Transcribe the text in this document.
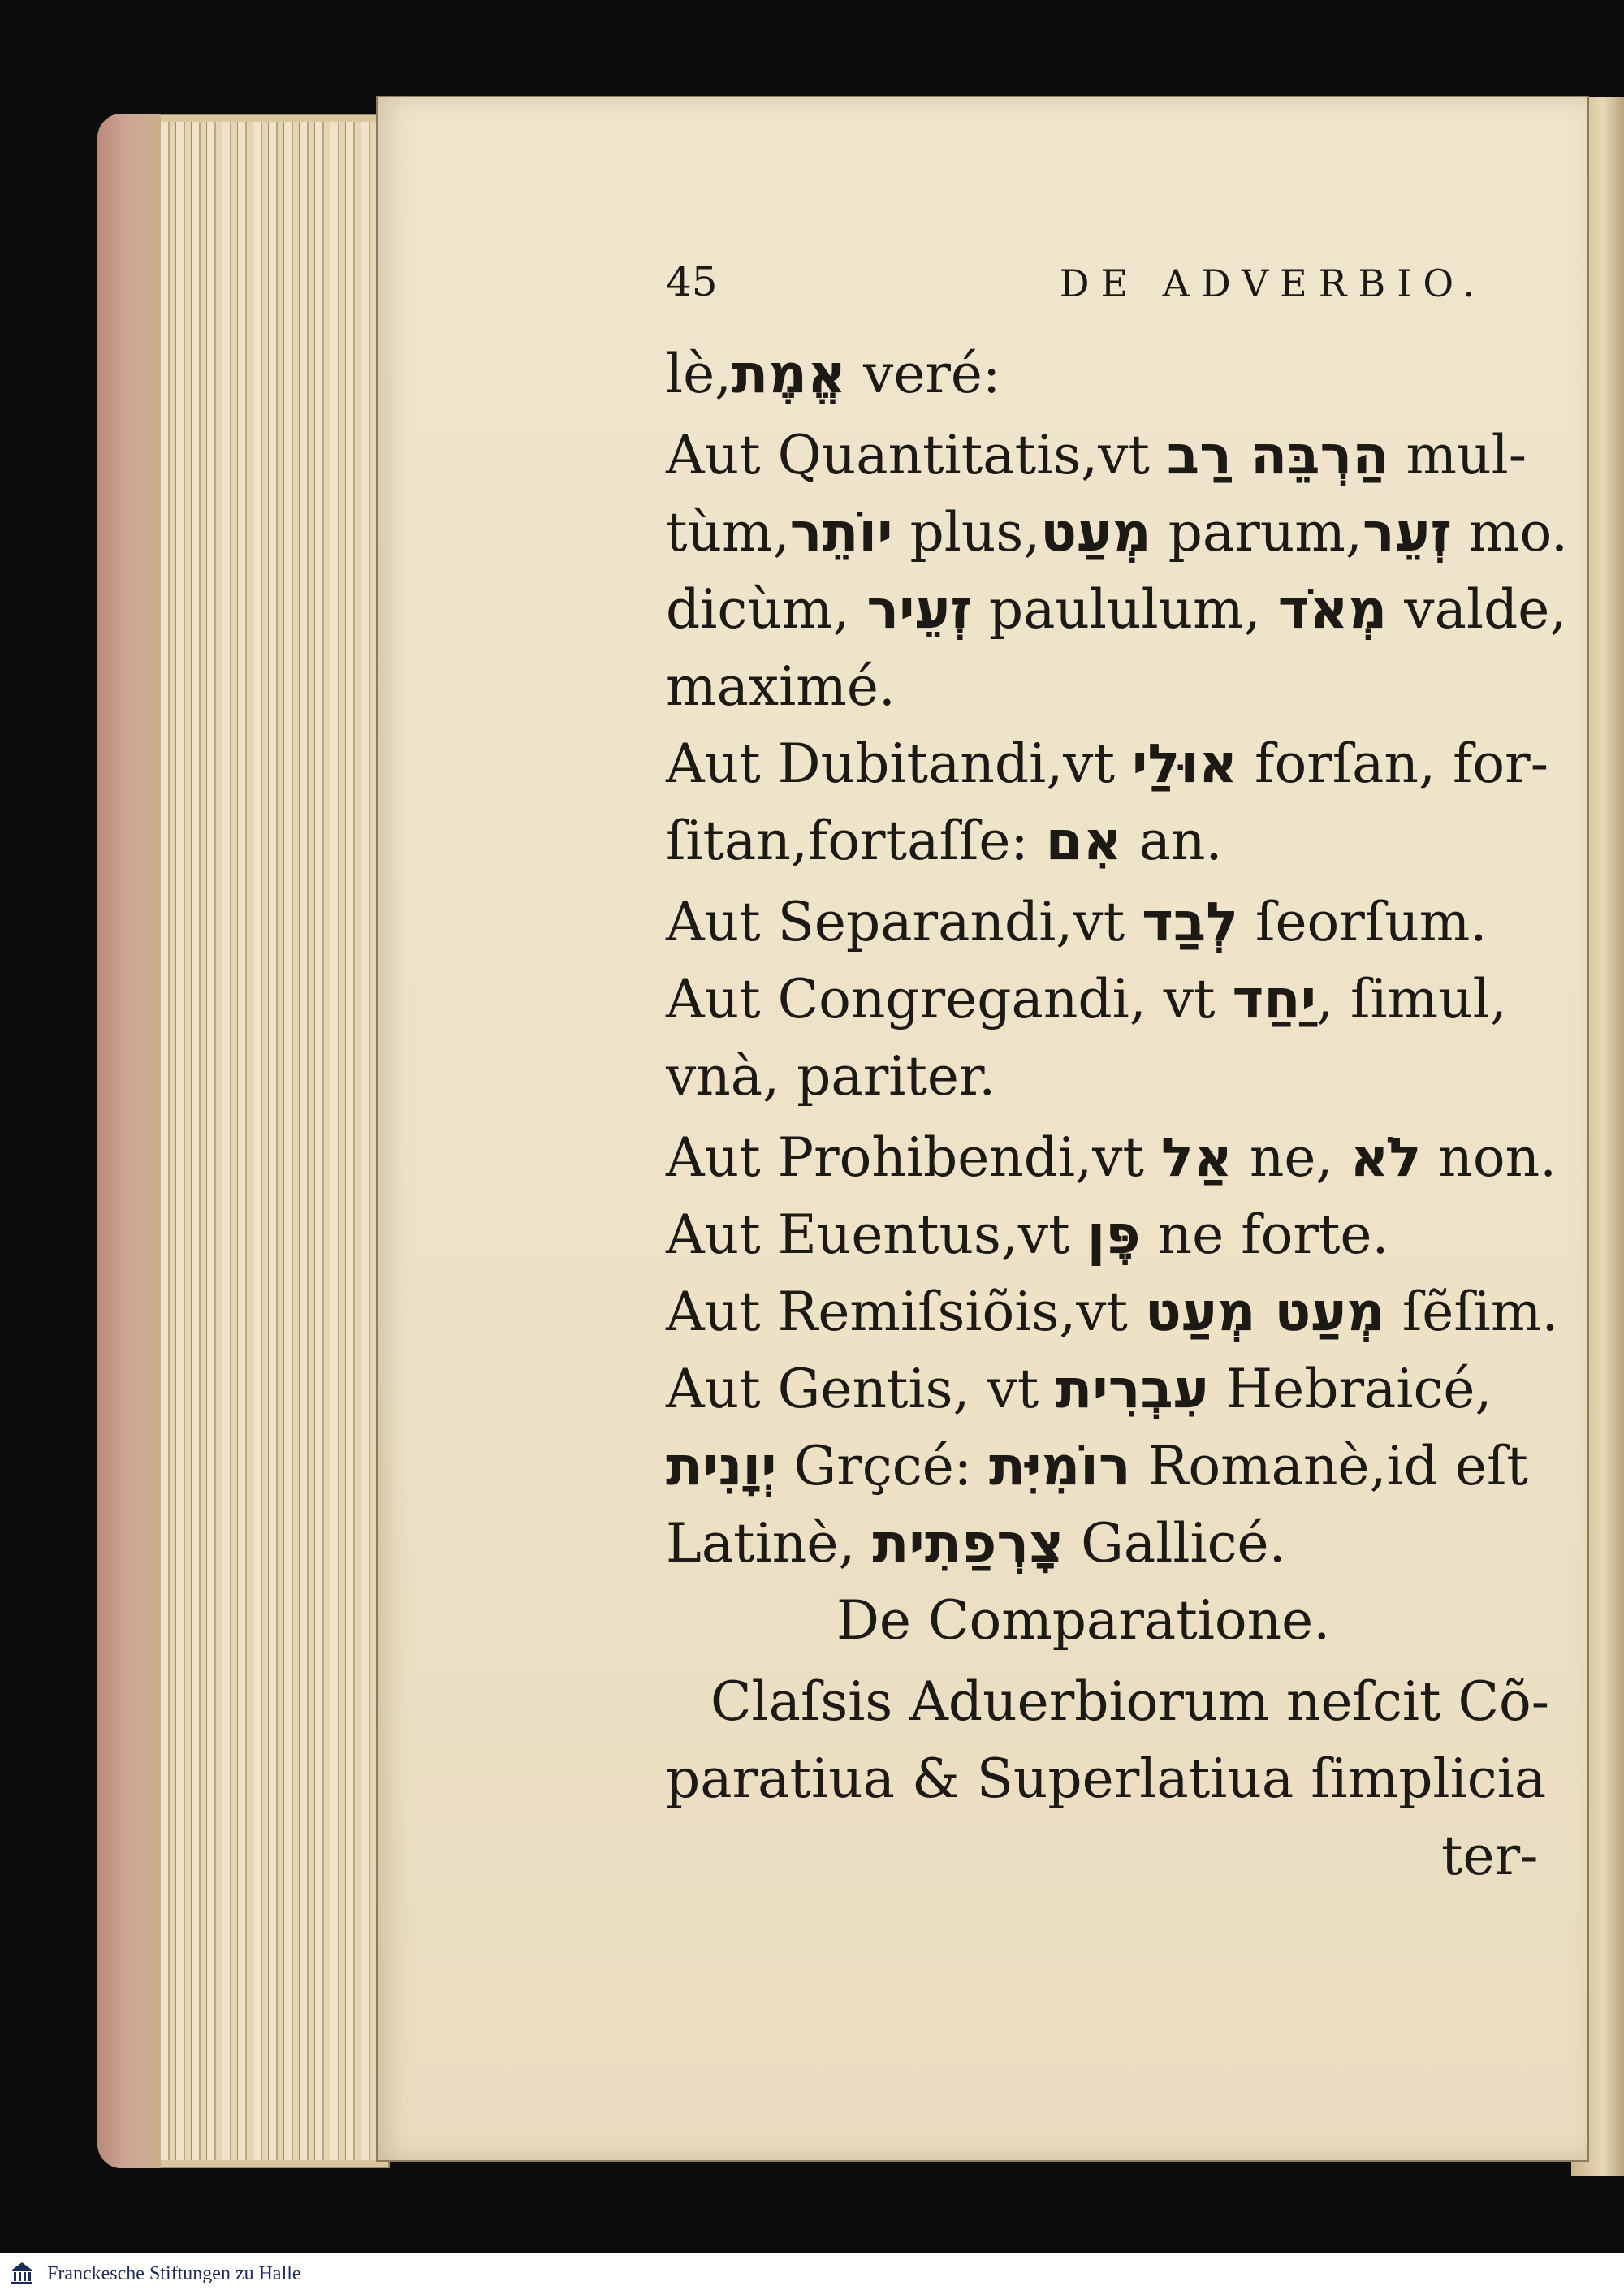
45	DE ADVERBIO.
lè,אֱמֶת veré:
Aut Quantitatis,vt הַרְבֵּה רַב mul-
tùm,יוֹתֵר plus,מְעַט parum,זְעֵר mo.
dicùm, זְעֵיר paululum, מְאֹד valde,
maximé.
Aut Dubitandi,vt אוּלַי forſan, for-
ſitan,fortaſſe: אִם an.
Aut Separandi,vt לְבַד ſeorſum.
Aut Congregandi, vt יַחַד, ſimul,
vnà, pariter.
Aut Prohibendi,vt אַל ne, לֹא non.
Aut Euentus,vt פֶּן ne forte.
Aut Remiſsiõis,vt מְעַט מְעַט ſẽſim.
Aut Gentis, vt עִבְרִית Hebraicé,
יְוָנִית Grçcé: רוֹמִיִּת Romanè,id eſt
Latinè, צָרְפַתִית Gallicé.
De Comparatione.
Claſsis Aduerbiorum neſcit Cõ-
paratiua & Superlatiua ſimplicia
ter-
Franckesche Stiftungen zu Halle
